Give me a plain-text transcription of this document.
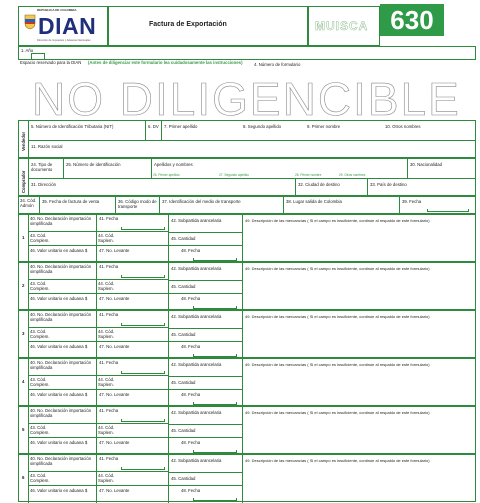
REPUBLICA DE COLOMBIA
DIAN
Dirección de Impuestos y Aduanas Nacionales
Factura de Exportación	MUISCA 630
1. Año
Espacio reservado para la DIAN (Antes de diligenciar este formulario lea cuidadosamente las instrucciones)	4. Número de formulario
NO DILIGENCIBLE
Vendedor
5. Número de Identificación Tributaria (NIT)	6. DV	7. Primer apellido	8. Segundo apellido	9. Primer nombre	10. Otros nombres
11. Razón social
Comprador
24. Tipo de documento
25. Número de identificación	Apellidos y nombres
26. Primer apellido	27. Segundo apellido	28. Primer nombre	29. Otros nombres
30. Nacionalidad
31. Dirección	32. Ciudad de destino	33. País de destino
34. Cód. Admón
35. Fecha de factura de venta	36. Código modo de transporte
37. Identificación del medio de transporte	38. Lugar salida de Colombia	39. Fecha
1
40. No. Declaración importación simplificada
41. Fecha	42. Subpartida arancelaria	49. Descripción de las mercancías ( Si el campo es insuficiente, continúe al respaldo de este formulario)
43. Cód. Complem.
44. Cód. Suplem.	45. Cantidad
46. Valor unitario en aduana $	47. No. Levante	48. Fecha
2
40. No. Declaración importación simplificada
41. Fecha	42. Subpartida arancelaria	49. Descripción de las mercancías ( Si el campo es insuficiente, continúe al respaldo de este formulario)
43. Cód. Complem.
44. Cód. Suplem.	45. Cantidad
46. Valor unitario en aduana $	47. No. Levante	48. Fecha
3
40. No. Declaración importación simplificada
41. Fecha	42. Subpartida arancelaria	49. Descripción de las mercancías ( Si el campo es insuficiente, continúe al respaldo de este formulario)
43. Cód. Complem.
44. Cód. Suplem.	45. Cantidad
46. Valor unitario en aduana $	47. No. Levante	48. Fecha
4
40. No. Declaración importación simplificada
41. Fecha	42. Subpartida arancelaria	49. Descripción de las mercancías ( Si el campo es insuficiente, continúe al respaldo de este formulario)
43. Cód. Complem.
44. Cód. Suplem.	45. Cantidad
46. Valor unitario en aduana $	47. No. Levante	48. Fecha
5
40. No. Declaración importación simplificada
41. Fecha	42. Subpartida arancelaria	49. Descripción de las mercancías ( Si el campo es insuficiente, continúe al respaldo de este formulario)
43. Cód. Complem.
44. Cód. Suplem.	45. Cantidad
46. Valor unitario en aduana $	47. No. Levante	48. Fecha
6
40. No. Declaración importación simplificada
41. Fecha	42. Subpartida arancelaria	49. Descripción de las mercancías ( Si el campo es insuficiente, continúe al respaldo de este formulario)
43. Cód. Complem.
44. Cód. Suplem.	45. Cantidad
46. Valor unitario en aduana $	47. No. Levante	48. Fecha
